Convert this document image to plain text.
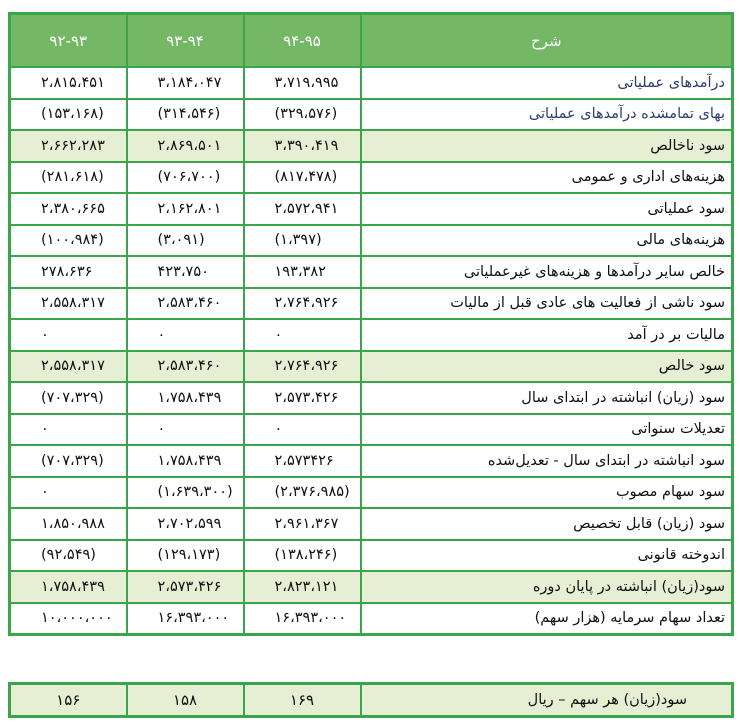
۹۲-۹۳	۹۳-۹۴	۹۴-۹۵	شرح
۲،۸۱۵،۴۵۱	۳،۱۸۴،۰۴۷	۳،۷۱۹،۹۹۵	درآمدهای عملیاتی
(۱۵۳،۱۶۸)	(۳۱۴،۵۴۶)	(۳۲۹،۵۷۶)	بهای تمامشده درآمدهای عملیاتی
۲،۶۶۲،۲۸۳	۲،۸۶۹،۵۰۱	۳،۳۹۰،۴۱۹	سود ناخالص
(۲۸۱،۶۱۸)	(۷۰۶،۷۰۰)	(۸۱۷،۴۷۸)	هزینه‌های اداری و عمومی
۲،۳۸۰،۶۶۵	۲،۱۶۲،۸۰۱	۲،۵۷۲،۹۴۱	سود عملیاتی
(۱۰۰،۹۸۴)	(۳،۰۹۱)	(۱،۳۹۷)	هزینه‌های مالی
۲۷۸،۶۳۶	۴۲۳،۷۵۰	۱۹۳،۳۸۲	خالص سایر درآمدها و هزینه‌های غیرعملیاتی
۲،۵۵۸،۳۱۷	۲،۵۸۳،۴۶۰	۲،۷۶۴،۹۲۶	سود ناشی از فعالیت های عادی قبل از مالیات
۰	۰	۰	مالیات بر در آمد
۲،۵۵۸،۳۱۷	۲،۵۸۳،۴۶۰	۲،۷۶۴،۹۲۶	سود خالص
(۷۰۷،۳۲۹)	۱،۷۵۸،۴۳۹	۲،۵۷۳،۴۲۶	سود (زیان) انباشته در ابتدای سال
۰	۰	۰	تعدیلات سنواتی
(۷۰۷،۳۲۹)	۱،۷۵۸،۴۳۹	۲،۵۷۳۴۲۶	سود انباشته در ابتدای سال - تعدیل‌شده
۰	(۱،۶۳۹،۳۰۰)	(۲،۳۷۶،۹۸۵)	سود سهام مصوب
۱،۸۵۰،۹۸۸	۲،۷۰۲،۵۹۹	۲،۹۶۱،۳۶۷	سود (زیان) قابل تخصیص
(۹۲،۵۴۹)	(۱۲۹،۱۷۳)	(۱۳۸،۲۴۶)	اندوخته قانونی
۱،۷۵۸،۴۳۹	۲،۵۷۳،۴۲۶	۲،۸۲۳،۱۲۱	سود(زیان) انباشته در پایان دوره
۱۰،۰۰۰،۰۰۰	۱۶،۳۹۳،۰۰۰	۱۶،۳۹۳،۰۰۰	تعداد سهام سرمایه (هزار سهم)
۱۵۶	۱۵۸	۱۶۹	سود(زیان) هر سهم – ریال
